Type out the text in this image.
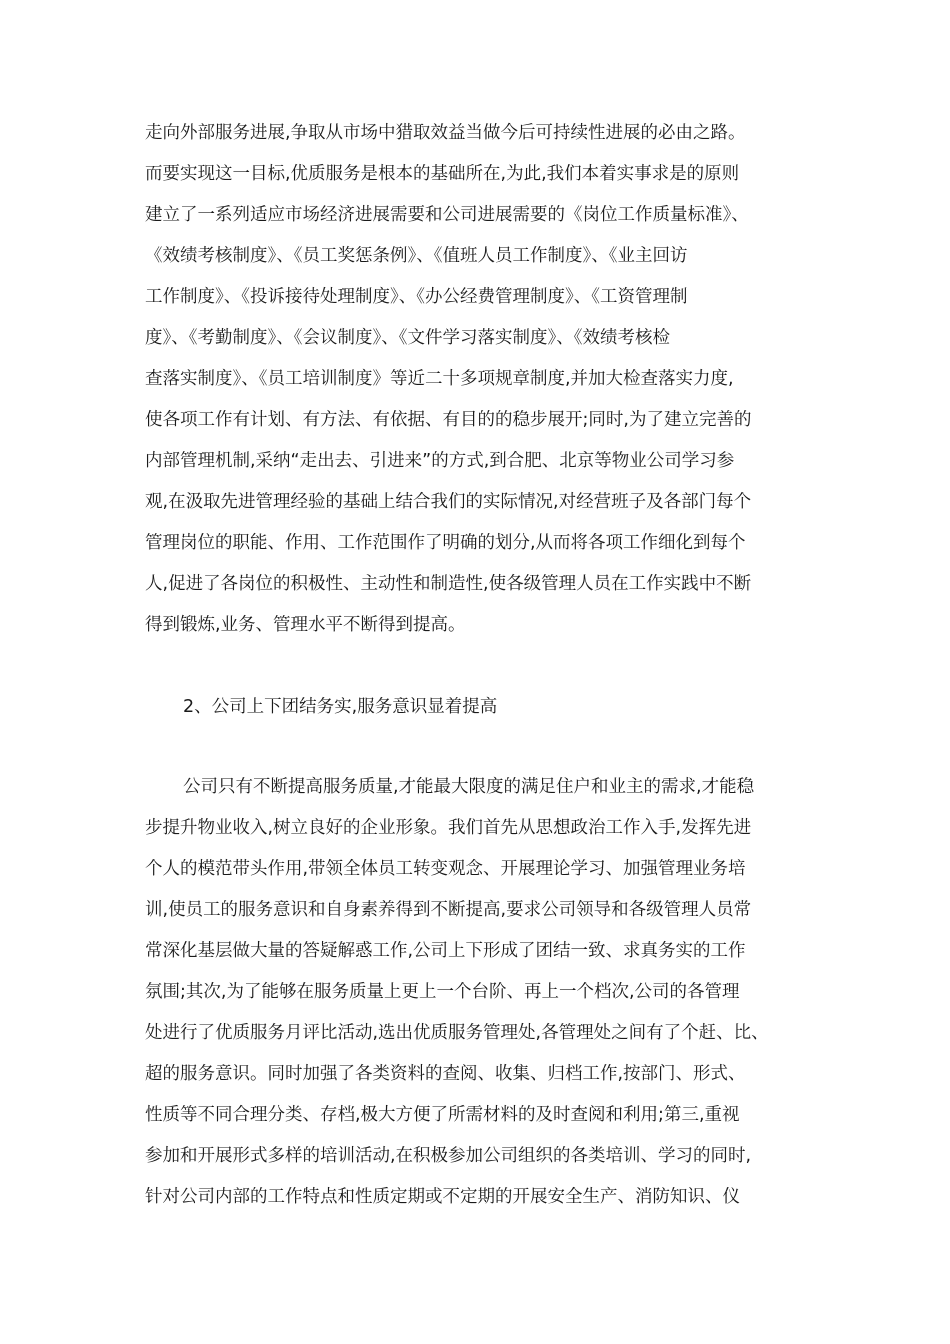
走向外部服务进展,争取从市场中猎取效益当做今后可持续性进展的必由之路。
而要实现这一目标,优质服务是根本的基础所在,为此,我们本着实事求是的原则
建立了一系列适应市场经济进展需要和公司进展需要的《岗位工作质量标准》、
《效绩考核制度》、《员工奖惩条例》、《值班人员工作制度》、《业主回访
工作制度》、《投诉接待处理制度》、《办公经费管理制度》、《工资管理制
度》、《考勤制度》、《会议制度》、《文件学习落实制度》、《效绩考核检
查落实制度》、《员工培训制度》等近二十多项规章制度,并加大检查落实力度,
使各项工作有计划、有方法、有依据、有目的的稳步展开;同时,为了建立完善的
内部管理机制,采纳“走出去、引进来”的方式,到合肥、北京等物业公司学习参
观,在汲取先进管理经验的基础上结合我们的实际情况,对经营班子及各部门每个
管理岗位的职能、作用、工作范围作了明确的划分,从而将各项工作细化到每个
人,促进了各岗位的积极性、主动性和制造性,使各级管理人员在工作实践中不断
得到锻炼,业务、管理水平不断得到提高。
2、公司上下团结务实,服务意识显着提高
公司只有不断提高服务质量,才能最大限度的满足住户和业主的需求,才能稳
步提升物业收入,树立良好的企业形象。我们首先从思想政治工作入手,发挥先进
个人的模范带头作用,带领全体员工转变观念、开展理论学习、加强管理业务培
训,使员工的服务意识和自身素养得到不断提高,要求公司领导和各级管理人员常
常深化基层做大量的答疑解惑工作,公司上下形成了团结一致、求真务实的工作
氛围;其次,为了能够在服务质量上更上一个台阶、再上一个档次,公司的各管理
处进行了优质服务月评比活动,选出优质服务管理处,各管理处之间有了个赶、比、
超的服务意识。同时加强了各类资料的查阅、收集、归档工作,按部门、形式、
性质等不同合理分类、存档,极大方便了所需材料的及时查阅和利用;第三,重视
参加和开展形式多样的培训活动,在积极参加公司组织的各类培训、学习的同时,
针对公司内部的工作特点和性质定期或不定期的开展安全生产、消防知识、仪
